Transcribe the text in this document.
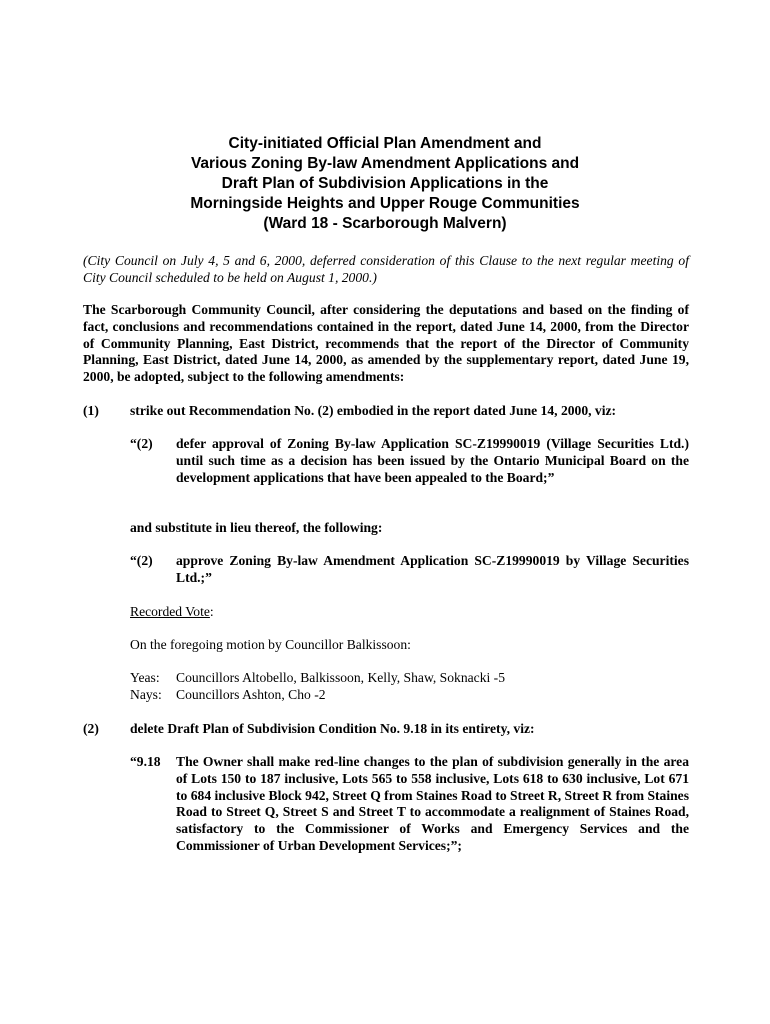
City-initiated Official Plan Amendment and
Various Zoning By-law Amendment Applications and
Draft Plan of Subdivision Applications in the
Morningside Heights and Upper Rouge Communities
(Ward 18 - Scarborough Malvern)
(City Council on July 4, 5 and 6, 2000, deferred consideration of this Clause to the next regular meeting of City Council scheduled to be held on August 1, 2000.)
The Scarborough Community Council, after considering the deputations and based on the finding of fact, conclusions and recommendations contained in the report, dated June 14, 2000, from the Director of Community Planning, East District, recommends that the report of the Director of Community Planning, East District, dated June 14, 2000, as amended by the supplementary report, dated June 19, 2000, be adopted, subject to the following amendments:
(1) strike out Recommendation No. (2) embodied in the report dated June 14, 2000, viz:
“(2) defer approval of Zoning By-law Application SC-Z19990019 (Village Securities Ltd.) until such time as a decision has been issued by the Ontario Municipal Board on the development applications that have been appealed to the Board;”
and substitute in lieu thereof, the following:
“(2) approve Zoning By-law Amendment Application SC-Z19990019 by Village Securities Ltd.;”
Recorded Vote:
On the foregoing motion by Councillor Balkissoon:
Yeas: Councillors Altobello, Balkissoon, Kelly, Shaw, Soknacki -5
Nays: Councillors Ashton, Cho -2
(2) delete Draft Plan of Subdivision Condition No. 9.18 in its entirety, viz:
“9.18 The Owner shall make red-line changes to the plan of subdivision generally in the area of Lots 150 to 187 inclusive, Lots 565 to 558 inclusive, Lots 618 to 630 inclusive, Lot 671 to 684 inclusive Block 942, Street Q from Staines Road to Street R, Street R from Staines Road to Street Q, Street S and Street T to accommodate a realignment of Staines Road, satisfactory to the Commissioner of Works and Emergency Services and the Commissioner of Urban Development Services;”;
